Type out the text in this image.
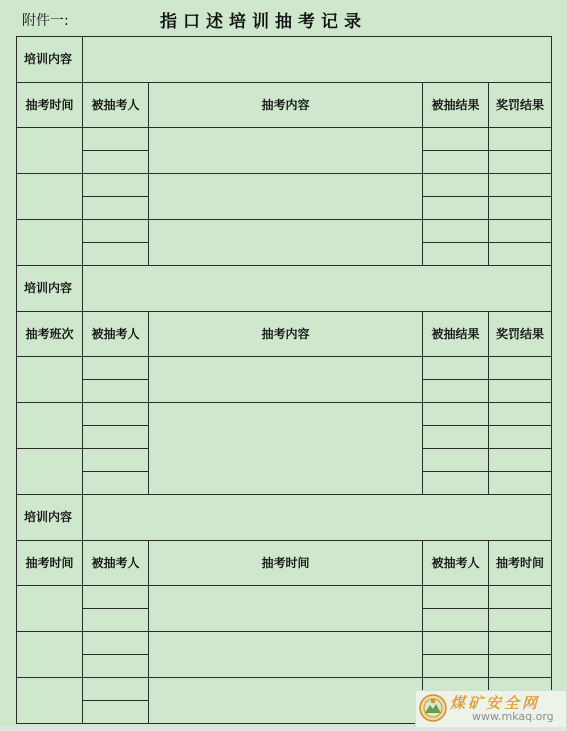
附件一:	指口述培训抽考记录
培训内容				
抽考时间	被抽考人	抽考内容	被抽结果	奖罚结果

培训内容				
抽考班次	被抽考人	抽考内容	被抽结果	奖罚结果

培训内容				
抽考时间	被抽考人	抽考时间	被抽考人	抽考时间

煤矿安全网
www.mkaq.org
